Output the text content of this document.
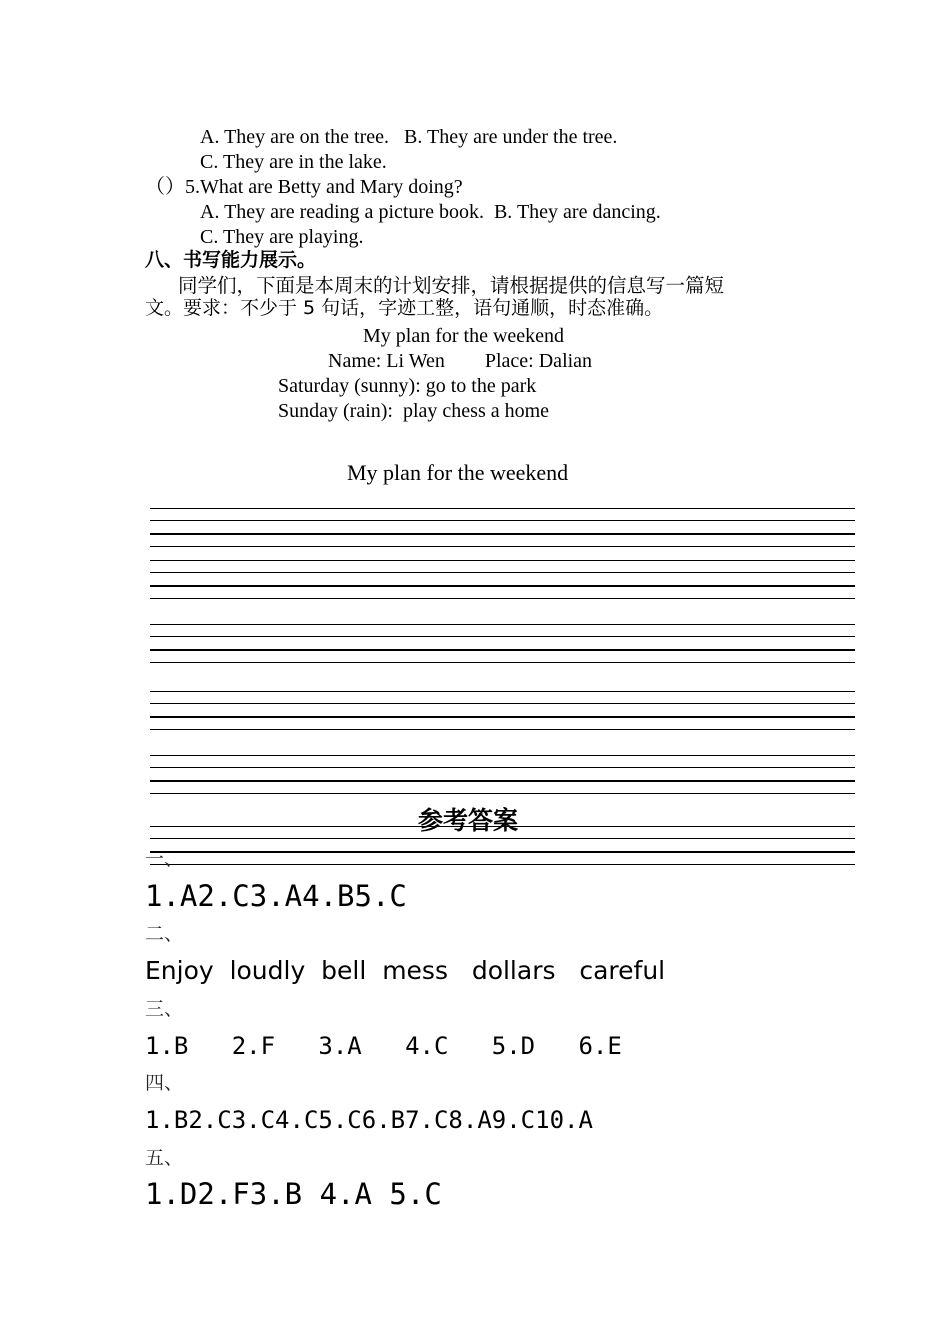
A. They are on the tree.   B. They are under the tree.
C. They are in the lake.
（）5.What are Betty and Mary doing?
A. They are reading a picture book.  B. They are dancing.
C. They are playing.
八、书写能力展示。
同学们，下面是本周末的计划安排，请根据提供的信息写一篇短
文。要求：不少于 5 句话，字迹工整，语句通顺，时态准确。
My plan for the weekend
Name: Li Wen        Place: Dalian
Saturday (sunny): go to the park
Sunday (rain):  play chess a home
My plan for the weekend
参考答案
一、
1.A2.C3.A4.B5.C
二、
Enjoy  loudly  bell  mess   dollars   careful
三、
1.B   2.F   3.A   4.C   5.D   6.E
四、
1.B2.C3.C4.C5.C6.B7.C8.A9.C10.A
五、
1.D2.F3.B 4.A 5.C
